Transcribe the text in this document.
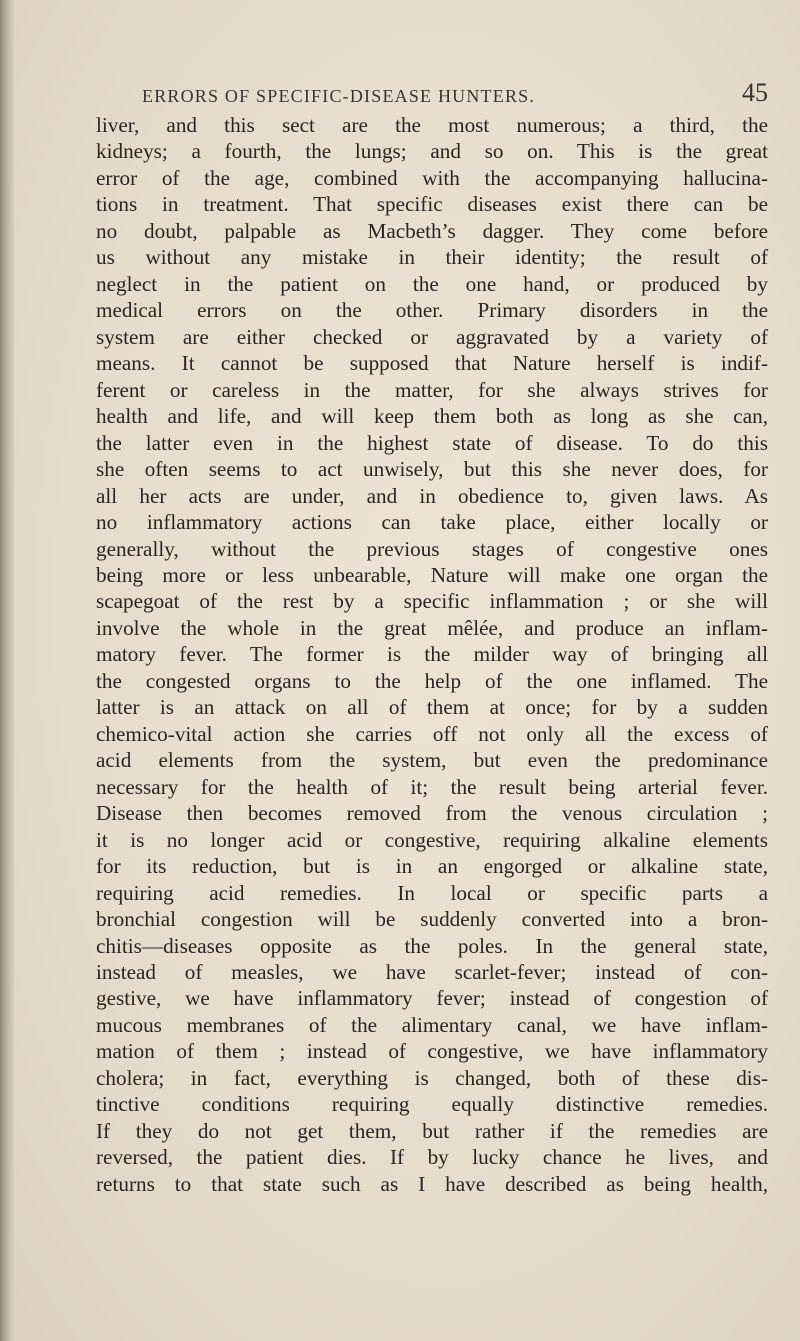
ERRORS OF SPECIFIC-DISEASE HUNTERS.	45
liver, and this sect are the most numerous; a third, the
kidneys; a fourth, the lungs; and so on. This is the great
error of the age, combined with the accompanying hallucina-
tions in treatment. That specific diseases exist there can be
no doubt, palpable as Macbeth’s dagger. They come before
us without any mistake in their identity; the result of
neglect in the patient on the one hand, or produced by
medical errors on the other. Primary disorders in the
system are either checked or aggravated by a variety of
means. It cannot be supposed that Nature herself is indif-
ferent or careless in the matter, for she always strives for
health and life, and will keep them both as long as she can,
the latter even in the highest state of disease. To do this
she often seems to act unwisely, but this she never does, for
all her acts are under, and in obedience to, given laws. As
no inflammatory actions can take place, either locally or
generally, without the previous stages of congestive ones
being more or less unbearable, Nature will make one organ the
scapegoat of the rest by a specific inflammation ; or she will
involve the whole in the great mêlée, and produce an inflam-
matory fever. The former is the milder way of bringing all
the congested organs to the help of the one inflamed. The
latter is an attack on all of them at once; for by a sudden
chemico-vital action she carries off not only all the excess of
acid elements from the system, but even the predominance
necessary for the health of it; the result being arterial fever.
Disease then becomes removed from the venous circulation ;
it is no longer acid or congestive, requiring alkaline elements
for its reduction, but is in an engorged or alkaline state,
requiring acid remedies. In local or specific parts a
bronchial congestion will be suddenly converted into a bron-
chitis—diseases opposite as the poles. In the general state,
instead of measles, we have scarlet-fever; instead of con-
gestive, we have inflammatory fever; instead of congestion of
mucous membranes of the alimentary canal, we have inflam-
mation of them ; instead of congestive, we have inflammatory
cholera; in fact, everything is changed, both of these dis-
tinctive conditions requiring equally distinctive remedies.
If they do not get them, but rather if the remedies are
reversed, the patient dies. If by lucky chance he lives, and
returns to that state such as I have described as being health,
